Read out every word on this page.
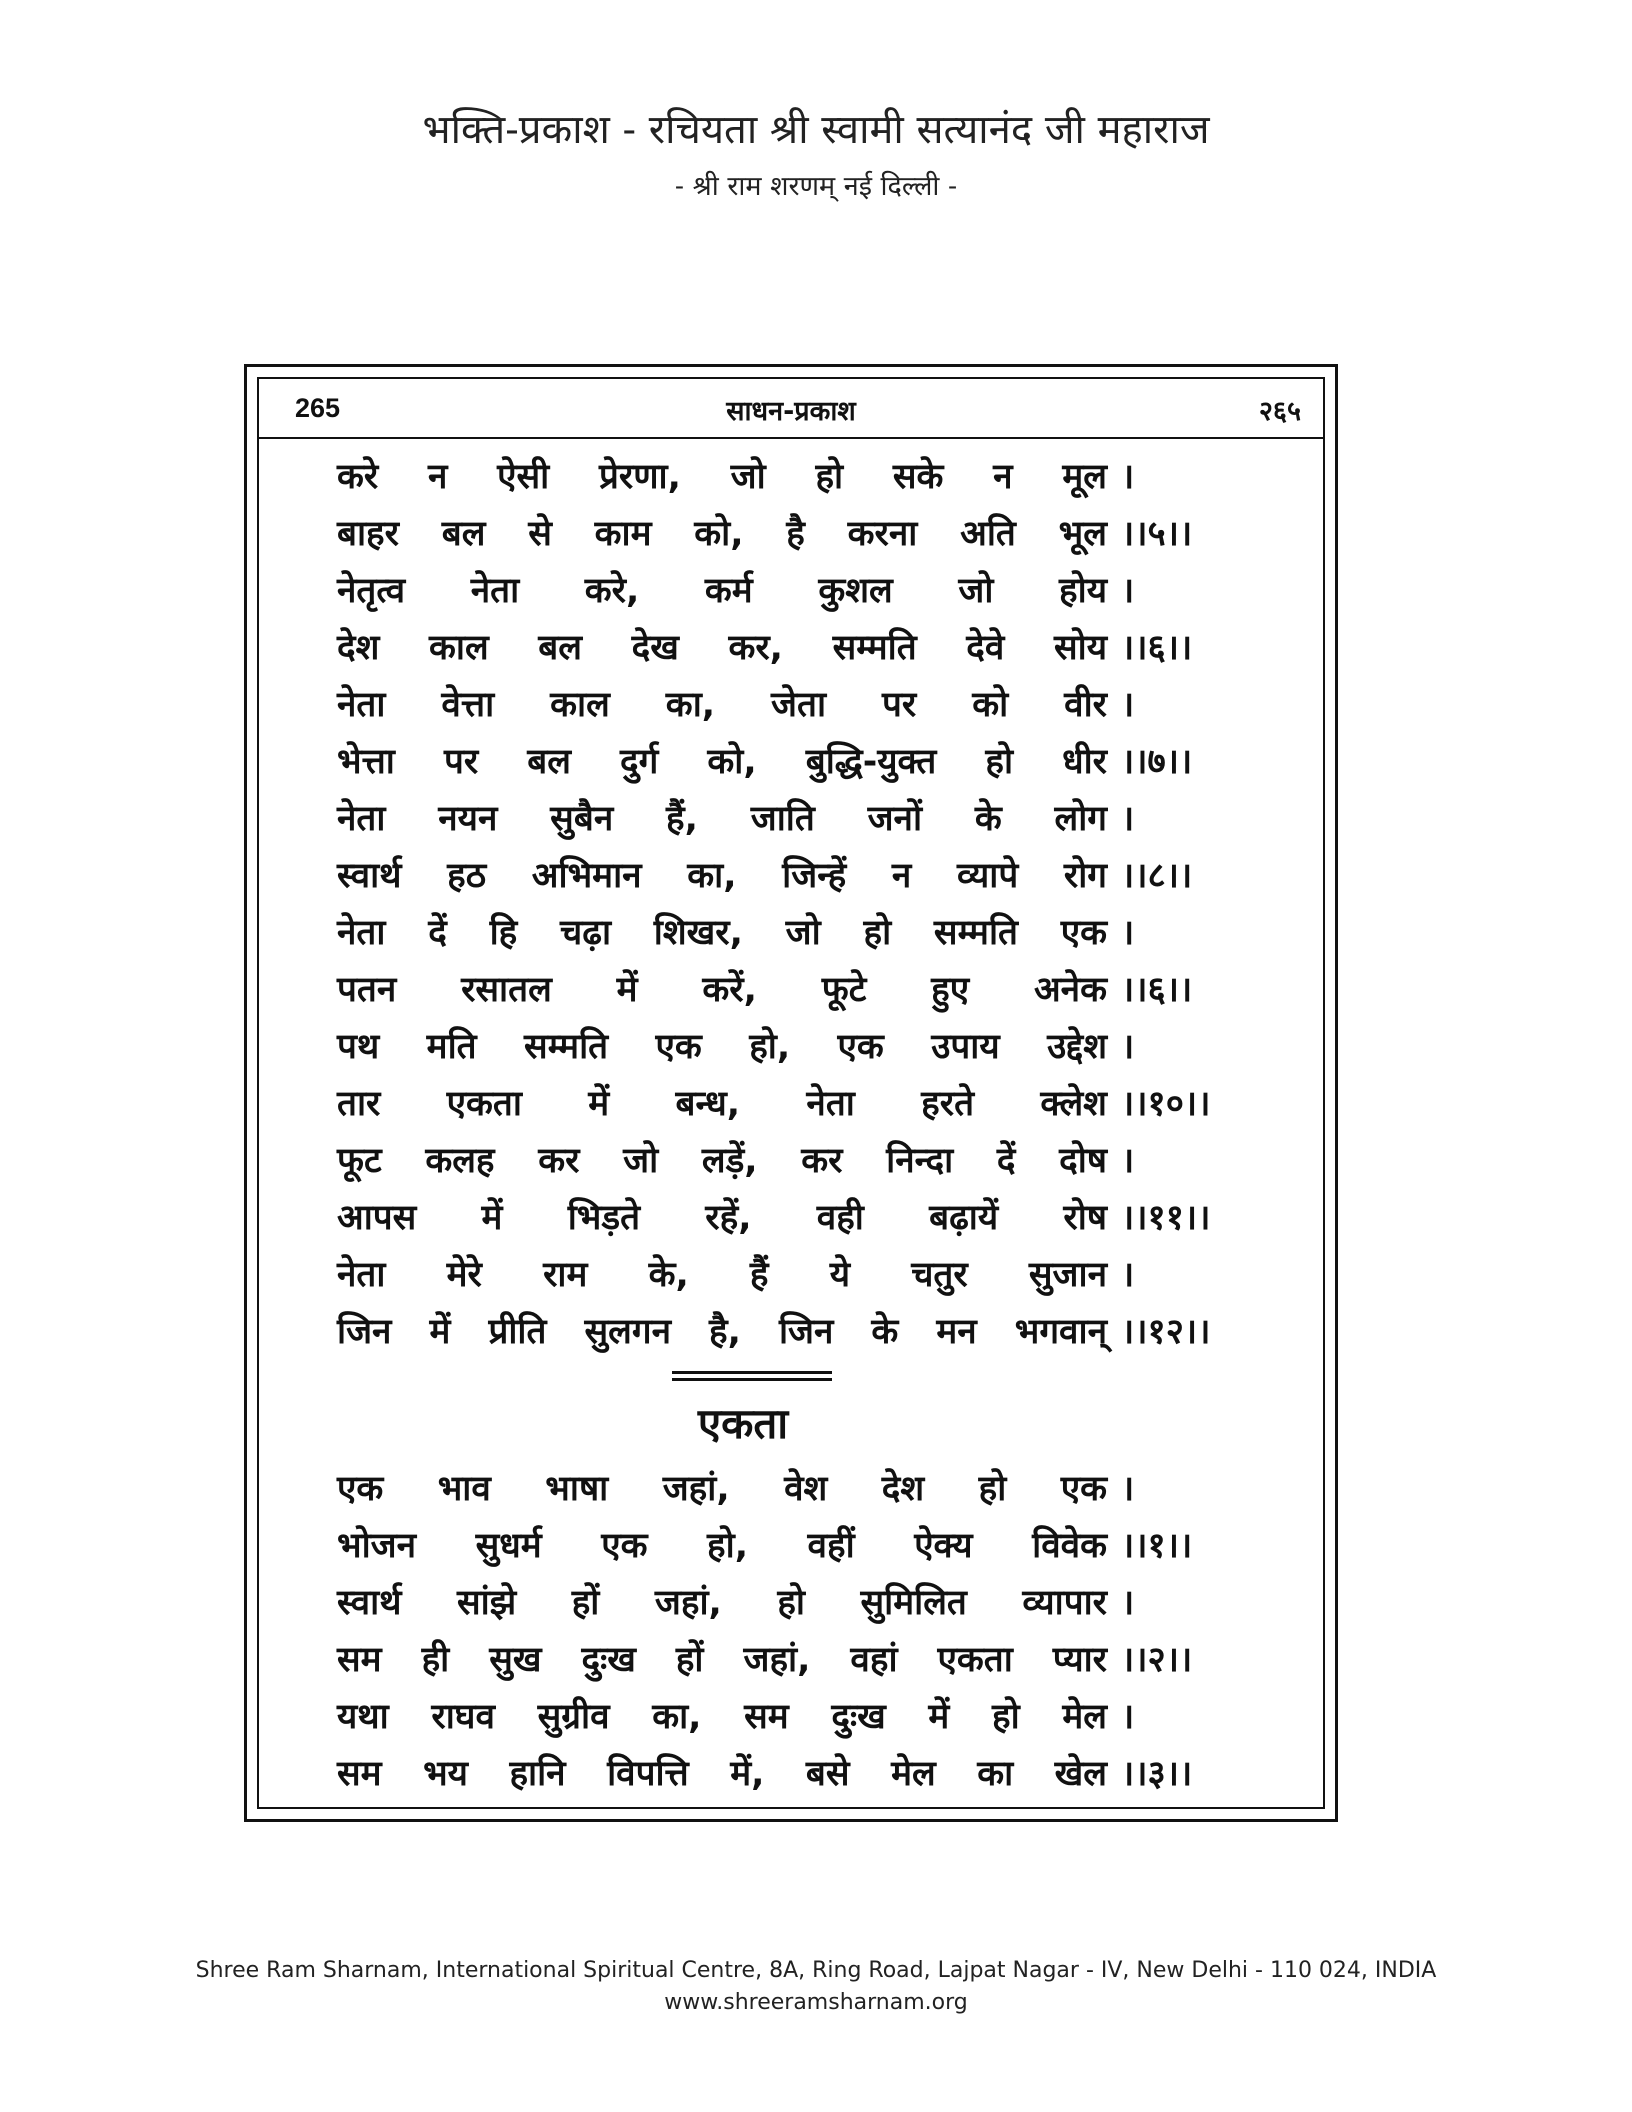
भक्ति-प्रकाश - रचियता श्री स्वामी सत्यानंद जी महाराज
- श्री राम शरणम् नई दिल्ली -
265	साधन-प्रकाश	२६५
करे न ऐसी प्रेरणा, जो हो सके न मूल ।
बाहर बल से काम को, है करना अति भूल ।।५।।
नेतृत्व नेता करे, कर्म कुशल जो होय ।
देश काल बल देख कर, सम्मति देवे सोय ।।६।।
नेता वेत्ता काल का, जेता पर को वीर ।
भेत्ता पर बल दुर्ग को, बुद्धि-युक्त हो धीर ।।७।।
नेता नयन सुबैन हैं, जाति जनों के लोग ।
स्वार्थ हठ अभिमान का, जिन्हें न व्यापे रोग ।।८।।
नेता दें हि चढ़ा शिखर, जो हो सम्मति एक ।
पतन रसातल में करें, फूटे हुए अनेक ।।६।।
पथ मति सम्मति एक हो, एक उपाय उद्देश ।
तार एकता में बन्ध, नेता हरते क्लेश ।।१०।।
फूट कलह कर जो लड़ें, कर निन्दा दें दोष ।
आपस में भिड़ते रहें, वही बढ़ायें रोष ।।११।।
नेता मेरे राम के, हैं ये चतुर सुजान ।
जिन में प्रीति सुलगन है, जिन के मन भगवान् ।।१२।।
एकता
एक भाव भाषा जहां, वेश देश हो एक ।
भोजन सुधर्म एक हो, वहीं ऐक्य विवेक ।।१।।
स्वार्थ सांझे हों जहां, हो सुमिलित व्यापार ।
सम ही सुख दुःख हों जहां, वहां एकता प्यार ।।२।।
यथा राघव सुग्रीव का, सम दुःख में हो मेल ।
सम भय हानि विपत्ति में, बसे मेल का खेल ।।३।।
Shree Ram Sharnam, International Spiritual Centre, 8A, Ring Road, Lajpat Nagar - IV, New Delhi - 110 024, INDIA
www.shreeramsharnam.org
